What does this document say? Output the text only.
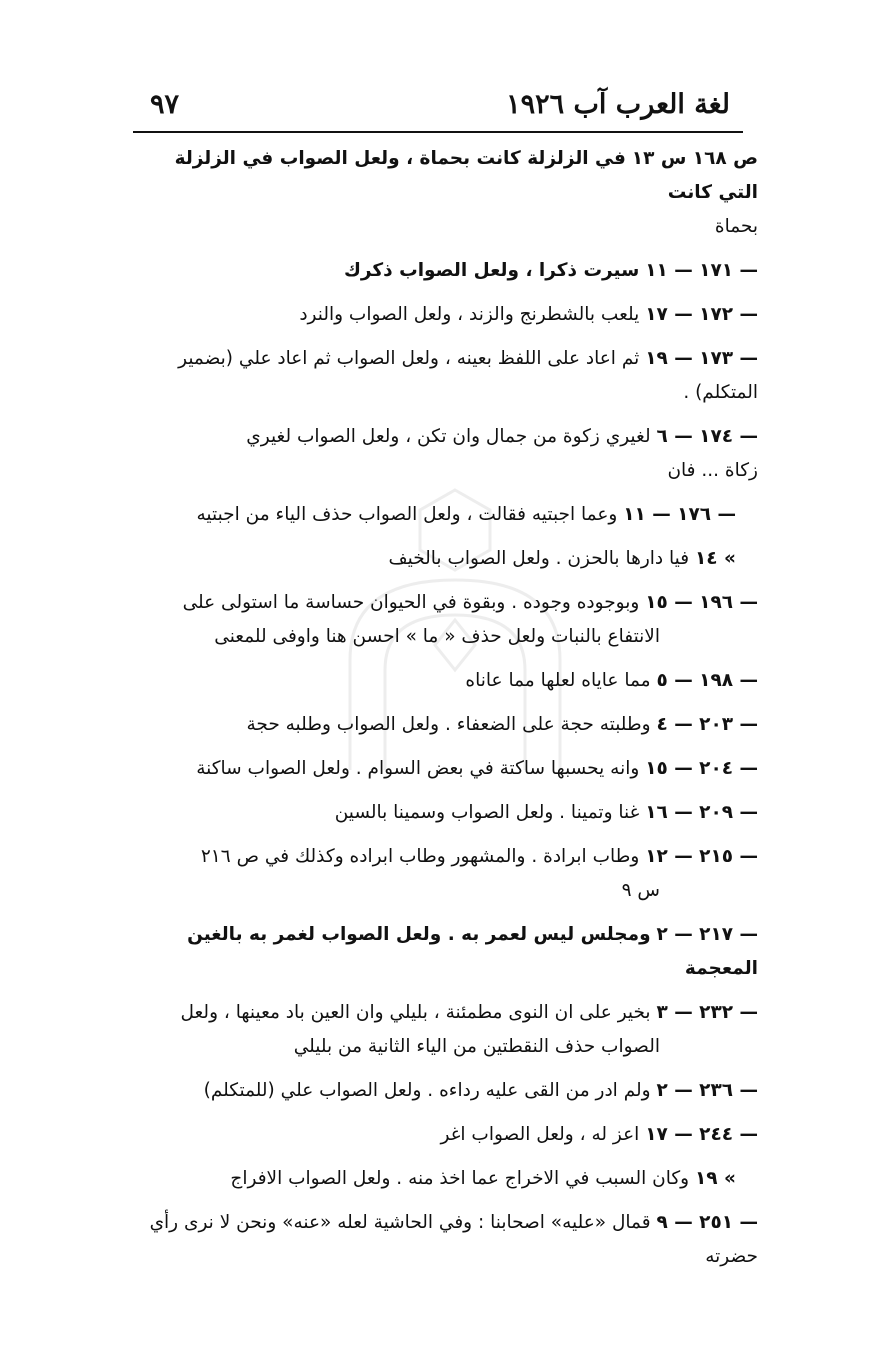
لغة العرب آب ١٩٢٦
٩٧
ص ١٦٨ س ١٣ في الزلزلة كانت بحماة ، ولعل الصواب في الزلزلة التي كانت
بحماة
— ١٧١ — ١١ سيرت ذكرا ، ولعل الصواب ذكرك
— ١٧٢ — ١٧ يلعب بالشطرنج والزند ، ولعل الصواب والنرد
— ١٧٣ — ١٩ ثم اعاد على اللفظ بعينه ، ولعل الصواب ثم اعاد علي (بضمير
المتكلم) .
— ١٧٤ — ٦ لغيري زكوة من جمال وان تكن ، ولعل الصواب لغيري
زكاة ... فان
— ١٧٦ — ١١ وعما اجبتيه فقالت ، ولعل الصواب حذف الياء من اجبتيه
» ١٤ فيا دارها بالحزن . ولعل الصواب بالخيف
— ١٩٦ — ١٥ وبوجوده وجوده . وبقوة في الحيوان حساسة ما استولى على
الانتفاع بالنبات ولعل حذف « ما » احسن هنا واوفى للمعنى
— ١٩٨ — ٥ مما عاياه لعلها مما عاناه
— ٢٠٣ — ٤ وطلبته حجة على الضعفاء . ولعل الصواب وطلبه حجة
— ٢٠٤ — ١٥ وانه يحسبها ساكتة في بعض السوام . ولعل الصواب ساكنة
— ٢٠٩ — ١٦ غنا وتمينا . ولعل الصواب وسمينا بالسين
— ٢١٥ — ١٢ وطاب ابرادة . والمشهور وطاب ابراده وكذلك في ص ٢١٦
س ٩
— ٢١٧ — ٢ ومجلس ليس لعمر به . ولعل الصواب لغمر به بالغين المعجمة
— ٢٣٢ — ٣ بخير على ان النوى مطمئنة ، بليلي وان العين باد معينها ، ولعل
الصواب حذف النقطتين من الياء الثانية من بليلي
— ٢٣٦ — ٢ ولم ادر من القى عليه رداءه . ولعل الصواب علي (للمتكلم)
— ٢٤٤ — ١٧ اعز له ، ولعل الصواب اغر
» ١٩ وكان السبب في الاخراج عما اخذ منه . ولعل الصواب الافراج
— ٢٥١ — ٩ قمال «عليه» اصحابنا : وفي الحاشية لعله «عنه» ونحن لا نرى رأي
حضرته
